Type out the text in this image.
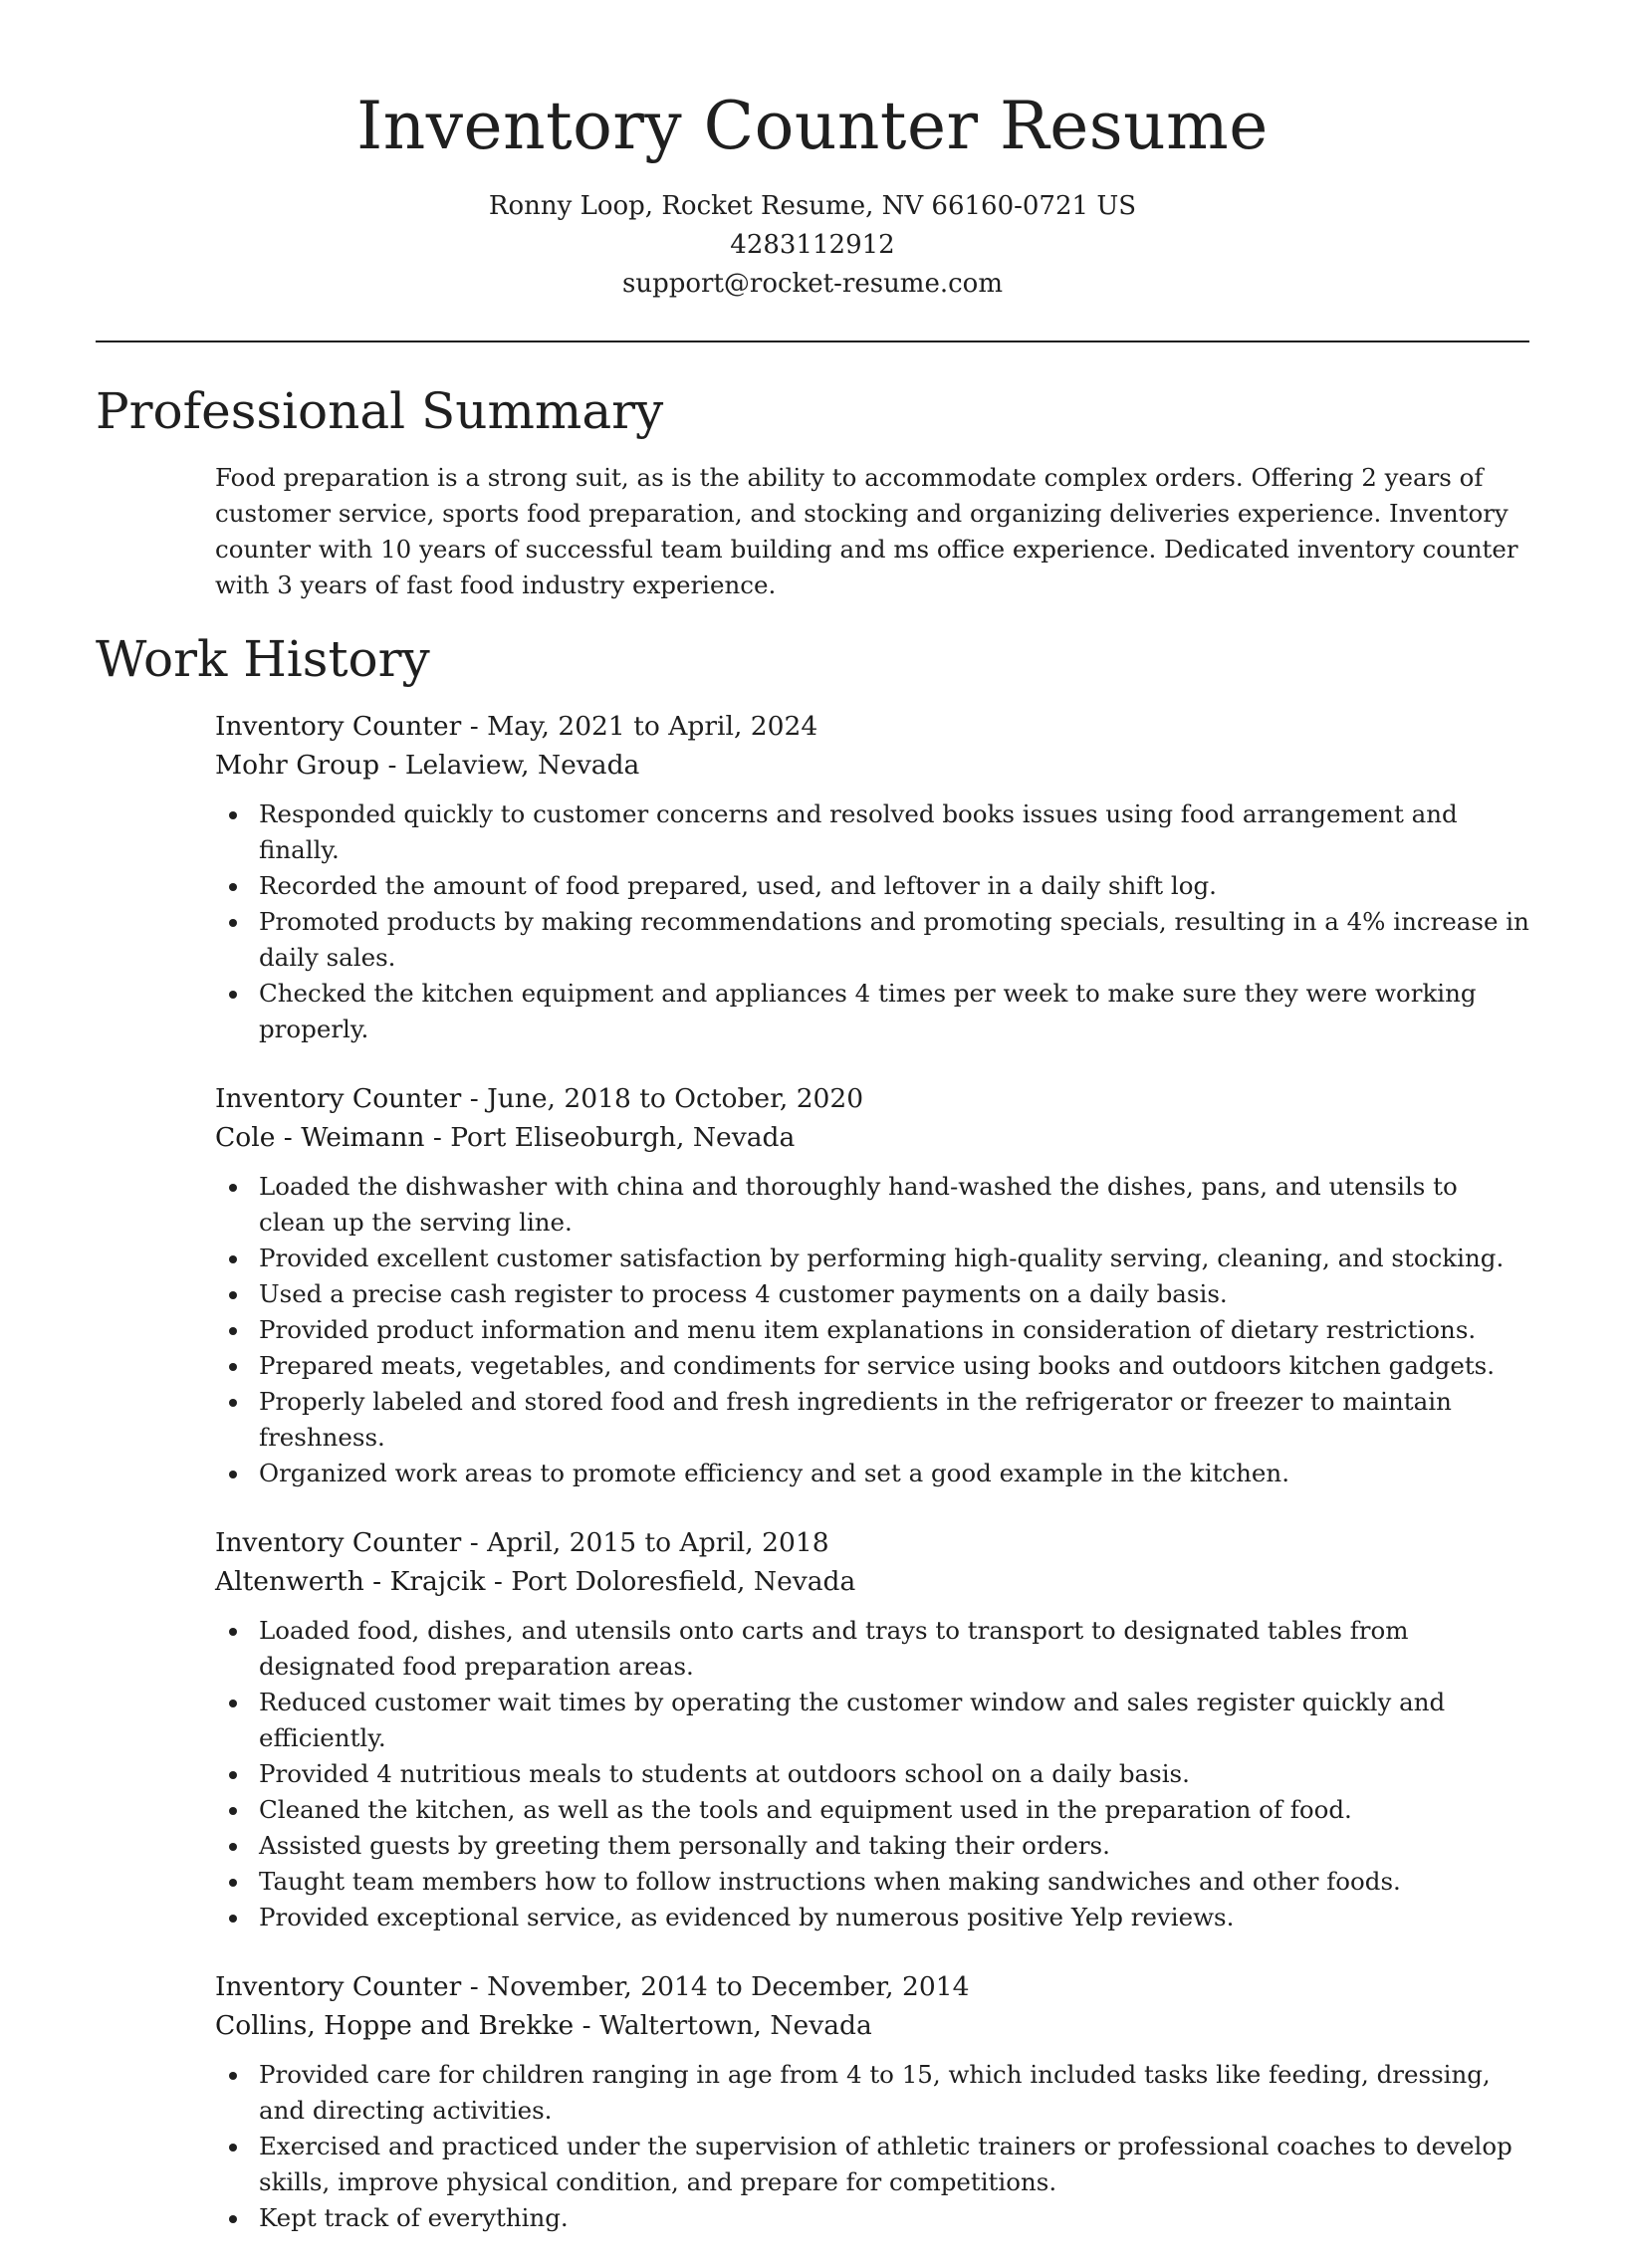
Inventory Counter Resume
Ronny Loop, Rocket Resume, NV 66160-0721 US
4283112912
support@rocket-resume.com
Professional Summary

Food preparation is a strong suit, as is the ability to accommodate complex orders. Offering 2 years of customer service, sports food preparation, and stocking and organizing deliveries experience. Inventory counter with 10 years of successful team building and ms office experience. Dedicated inventory counter with 3 years of fast food industry experience.

Work History

Inventory Counter - May, 2021 to April, 2024

Mohr Group - Lelaview, Nevada

Responded quickly to customer concerns and resolved books issues using food arrangement and finally.
Recorded the amount of food prepared, used, and leftover in a daily shift log.
Promoted products by making recommendations and promoting specials, resulting in a 4% increase in daily sales.
Checked the kitchen equipment and appliances 4 times per week to make sure they were working properly.

Inventory Counter - June, 2018 to October, 2020

Cole - Weimann - Port Eliseoburgh, Nevada

Loaded the dishwasher with china and thoroughly hand-washed the dishes, pans, and utensils to clean up the serving line.
Provided excellent customer satisfaction by performing high-quality serving, cleaning, and stocking.
Used a precise cash register to process 4 customer payments on a daily basis.
Provided product information and menu item explanations in consideration of dietary restrictions.
Prepared meats, vegetables, and condiments for service using books and outdoors kitchen gadgets.
Properly labeled and stored food and fresh ingredients in the refrigerator or freezer to maintain freshness.
Organized work areas to promote efficiency and set a good example in the kitchen.

Inventory Counter - April, 2015 to April, 2018

Altenwerth - Krajcik - Port Doloresfield, Nevada

Loaded food, dishes, and utensils onto carts and trays to transport to designated tables from designated food preparation areas.
Reduced customer wait times by operating the customer window and sales register quickly and efficiently.
Provided 4 nutritious meals to students at outdoors school on a daily basis.
Cleaned the kitchen, as well as the tools and equipment used in the preparation of food.
Assisted guests by greeting them personally and taking their orders.
Taught team members how to follow instructions when making sandwiches and other foods.
Provided exceptional service, as evidenced by numerous positive Yelp reviews.

Inventory Counter - November, 2014 to December, 2014

Collins, Hoppe and Brekke - Waltertown, Nevada

Provided care for children ranging in age from 4 to 15, which included tasks like feeding, dressing, and directing activities.
Exercised and practiced under the supervision of athletic trainers or professional coaches to develop skills, improve physical condition, and prepare for competitions.
Kept track of everything.
